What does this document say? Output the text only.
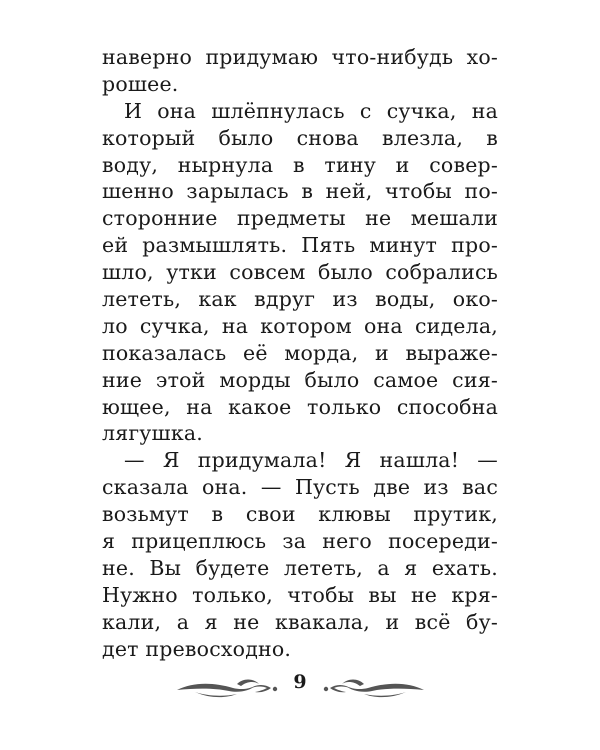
наверно придумаю что-нибудь хо-
рошее.
И она шлёпнулась с сучка, на
который было снова влезла, в
воду, нырнула в тину и совер-
шенно зарылась в ней, чтобы по-
сторонние предметы не мешали
ей размышлять. Пять минут про-
шло, утки совсем было собрались
лететь, как вдруг из воды, око-
ло сучка, на котором она сидела,
показалась её морда, и выраже-
ние этой морды было самое сия-
ющее, на какое только способна
лягушка.
— Я придумала! Я нашла! —
сказала она. — Пусть две из вас
возьмут в свои клювы прутик,
я прицеплюсь за него посереди-
не. Вы будете лететь, а я ехать.
Нужно только, чтобы вы не кря-
кали, а я не квакала, и всё бу-
дет превосходно.
9
